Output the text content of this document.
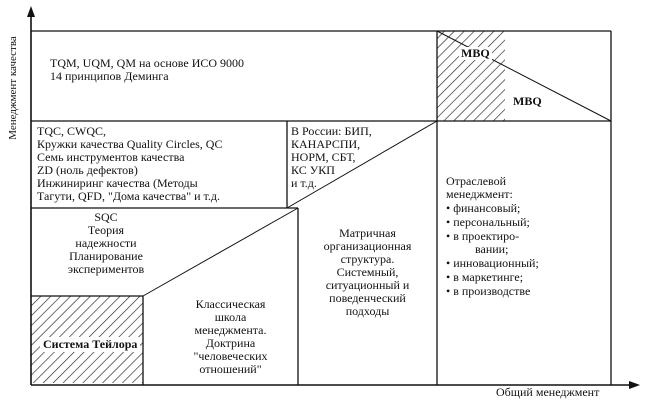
Менеджмент качества
Общий менеджмент
TQM, UQM, QM на основе ИСО 9000
14 принципов Деминга
MBQ
MBQ
TQC, CWQC,
Кружки качества Quality Circles, QC
Семь инструментов качества
ZD (ноль дефектов)
Инжиниринг качества (Методы
Тагути, QFD, "Дома качества" и т.д.
В России: БИП,
КАНАРСПИ,
НОРМ, СБТ,
КС УКП
и т.д.	Отраслевой
менеджмент:
• финансовый;
• персональный;
• в проектиро-
вании;
• инновационный;
• в маркетинге;
• в производстве
SQC
Теория
надежности
Планирование
экспериментов
Матричная
организационная
структура.
Системный,
ситуационный и
поведенческий
подходы
Классическая
школа
менеджмента.
Доктрина
"человеческих
отношений"
Система Тейлора
